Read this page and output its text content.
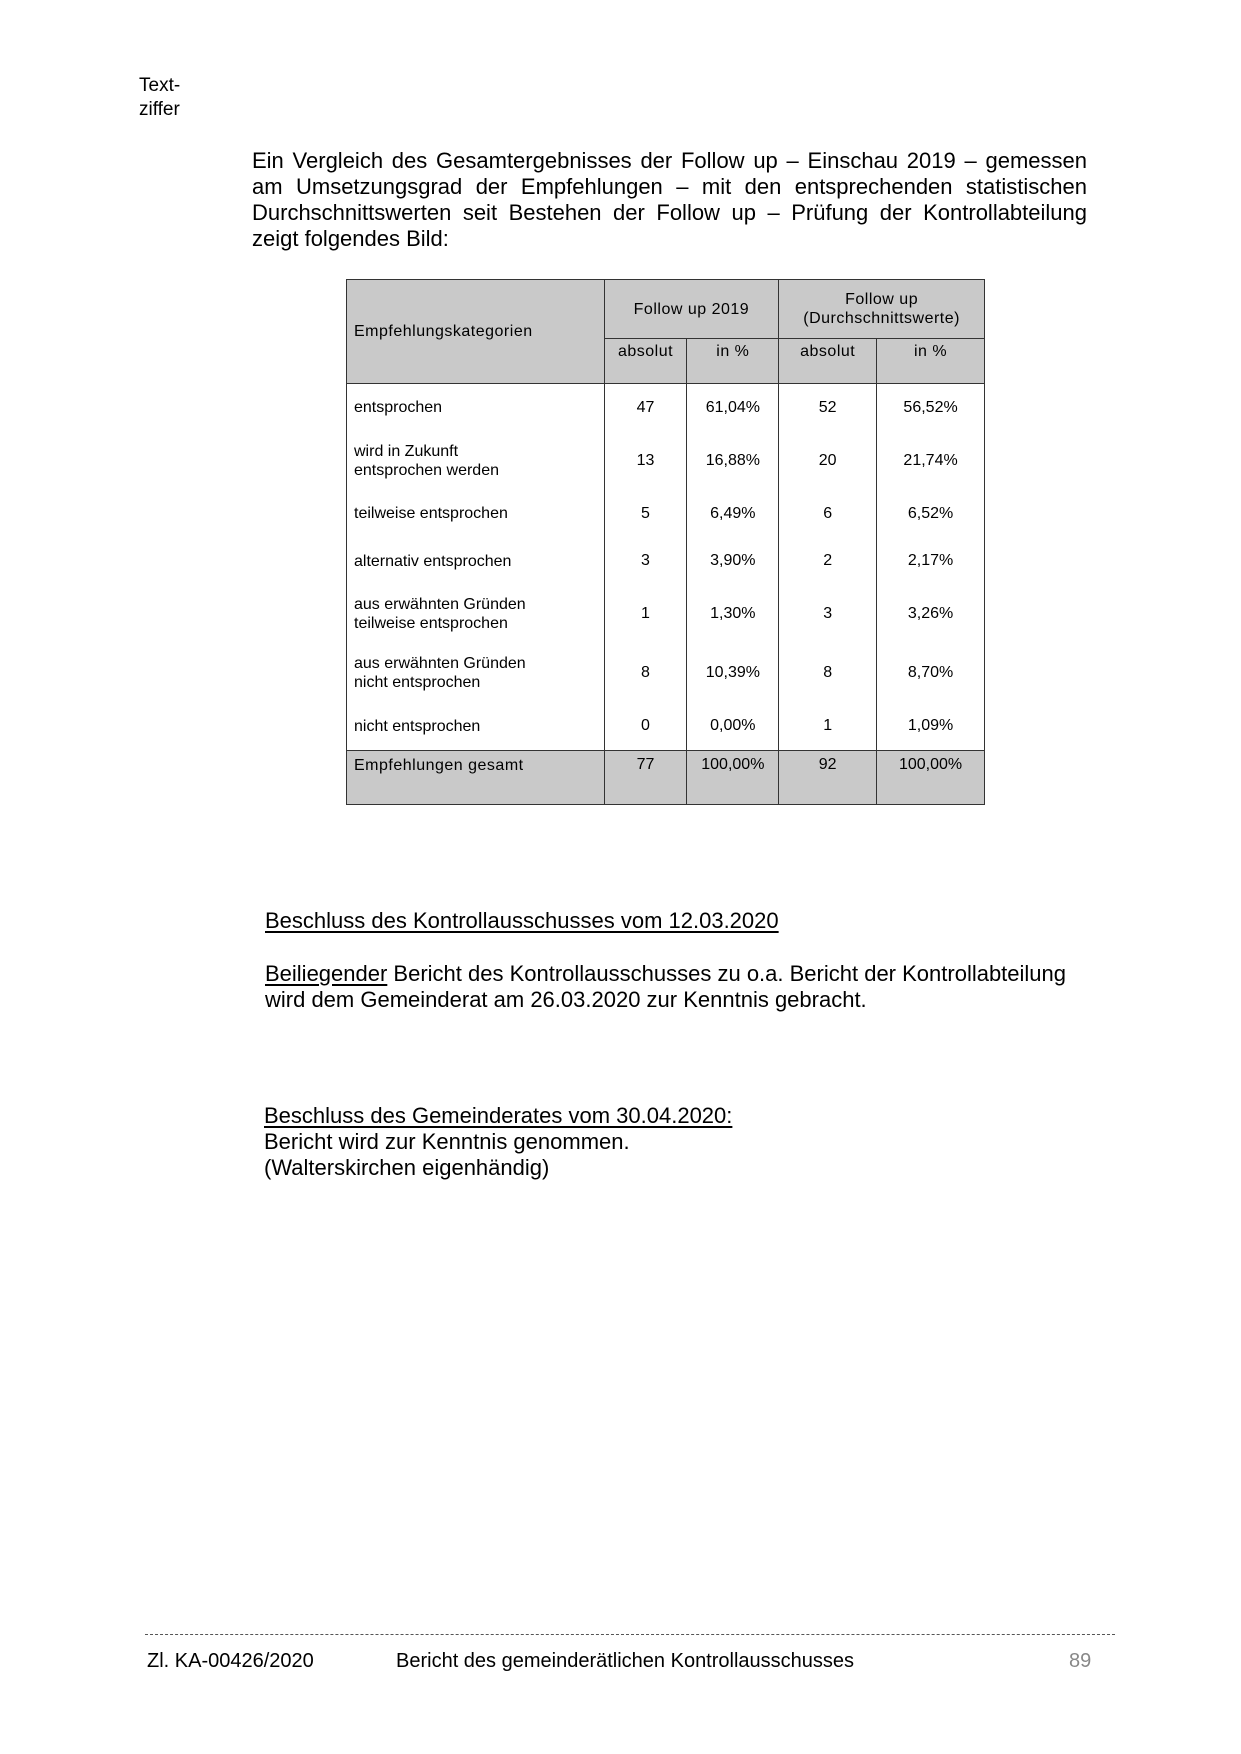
Text-
ziffer

Ein Vergleich des Gesamtergebnisses der Follow up – Einschau 2019 – gemessen am Umsetzungsgrad der Empfehlungen – mit den entsprechenden statistischen Durchschnittswerten seit Bestehen der Follow up – Prüfung der Kontrollabteilung zeigt folgendes Bild:

Empfehlungskategorien	Follow up 2019		Follow up
(Durchschnittswerte)	

	absolut	in %	absolut	in %

entsprochen	47	61,04%	52	56,52%

wird in Zukunft
entsprochen werden	13	16,88%	20	21,74%

teilweise entsprochen	5	6,49%	6	6,52%

alternativ entsprochen	3	3,90%	2	2,17%

aus erwähnten Gründen
teilweise entsprochen	1	1,30%	3	3,26%

aus erwähnten Gründen
nicht entsprochen	8	10,39%	8	8,70%

nicht entsprochen	0	0,00%	1	1,09%
Empfehlungen gesamt	77	100,00%	92	100,00%
Beschluss des Kontrollausschusses vom 12.03.2020
Beiliegender Bericht des Kontrollausschusses zu o.a. Bericht der Kontrollabteilung
wird dem Gemeinderat am 26.03.2020 zur Kenntnis gebracht.
Beschluss des Gemeinderates vom 30.04.2020:
Bericht wird zur Kenntnis genommen.
(Walterskirchen eigenhändig)
Zl. KA-00426/2020	Bericht des gemeinderätlichen Kontrollausschusses	89
